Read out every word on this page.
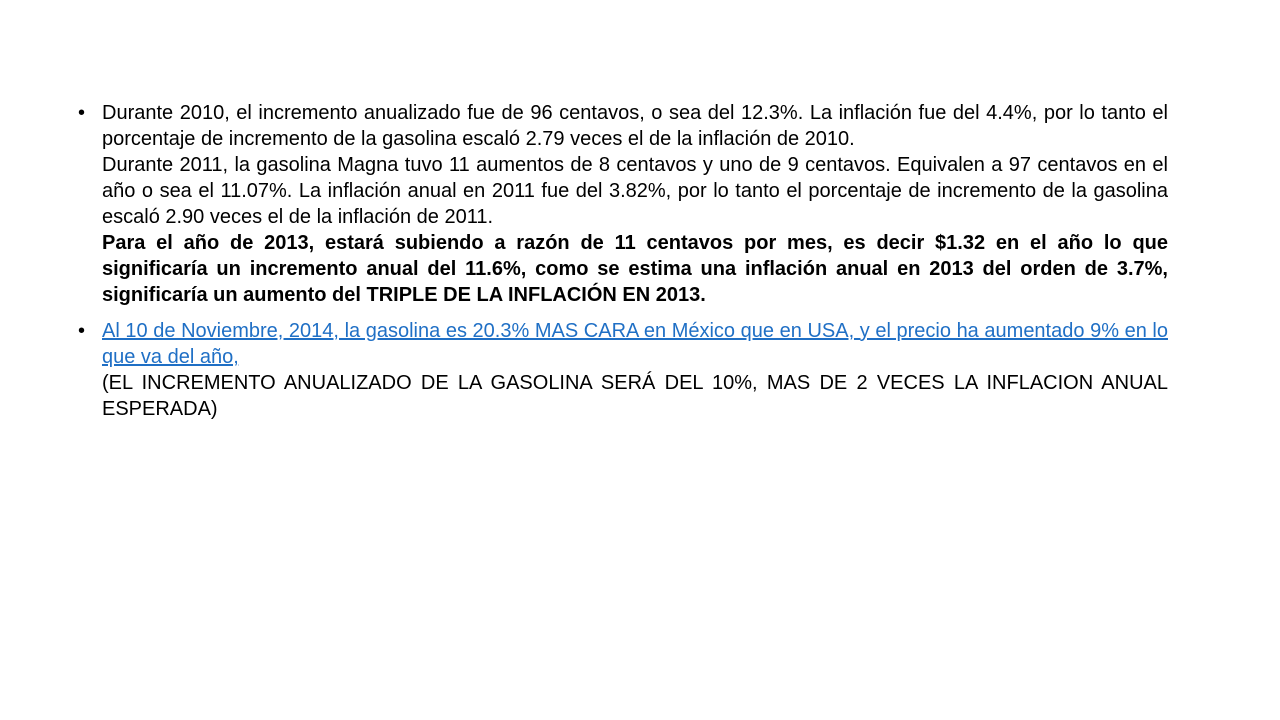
• Durante 2010, el incremento anualizado fue de 96 centavos, o sea del 12.3%. La inflación fue del 4.4%, por lo tanto el porcentaje de incremento de la gasolina escaló 2.79 veces el de la inflación de 2010.
Durante 2011, la gasolina Magna tuvo 11 aumentos de 8 centavos y uno de 9 centavos. Equivalen a 97 centavos en el año o sea el 11.07%. La inflación anual en 2011 fue del 3.82%, por lo tanto el porcentaje de incremento de la gasolina escaló 2.90 veces el de la inflación de 2011.
Para el año de 2013, estará subiendo a razón de 11 centavos por mes, es decir $1.32 en el año lo que significaría un incremento anual del 11.6%, como se estima una inflación anual en 2013 del orden de 3.7%, significaría un aumento del TRIPLE DE LA INFLACIÓN EN 2013.
• Al 10 de Noviembre, 2014, la gasolina es 20.3% MAS CARA en México que en USA, y el precio ha aumentado 9% en lo que va del año,
(EL INCREMENTO ANUALIZADO DE LA GASOLINA SERÁ DEL 10%, MAS DE 2 VECES LA INFLACION ANUAL ESPERADA)
